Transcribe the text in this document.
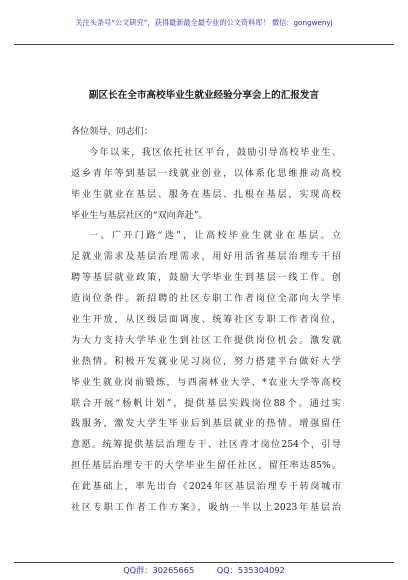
关注头条号“公文研究”，获得最新最全最专业的公文资料库！ 微信：gongwenyj
副区长在全市高校毕业生就业经验分享会上的汇报发言
各位领导、同志们：
今年以来，我区依托社区平台，鼓励引导高校毕业生、
返乡青年等到基层一线就业创业，以体系化思维推动高校
毕业生就业在基层、服务在基层、扎根在基层，实现高校
毕业生与基层社区的“双向奔赴”。
一、广开门路“选”，让高校毕业生就业在基层。立
足就业需求及基层治理需求，用好用活省基层治理专干招
聘等基层就业政策，鼓励大学毕业生到基层一线工作。创
造岗位条件。新招聘的社区专职工作者岗位全部向大学毕
业生开放，从区级层面调度、统筹社区专职工作者岗位，
为大力支持大学毕业生到社区工作提供岗位机会。激发就
业热情。积极开发就业见习岗位，努力搭建平台做好大学
毕业生就业岗前锻炼，与西南林业大学、*农业大学等高校
联合开展“杨帆计划”，提供基层实践岗位88个。通过实
践服务，激发大学生毕业后到基层就业的热情。增强留任
意愿。统筹提供基层治理专干、社区青才岗位254个，引导
担任基层治理专干的大学毕业生留任社区，留任率达85%。
在此基础上，率先出台《2024年区基层治理专干转岗城市
社区专职工作者工作方案》，吸纳一半以上2023年基层治
QQ群：30265665	QQ：535304092
